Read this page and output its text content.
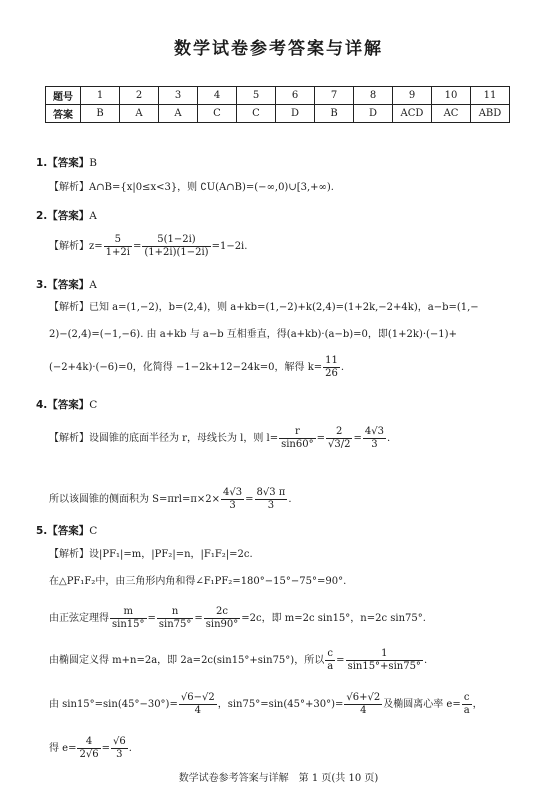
数学试卷参考答案与详解
题号	1	2	3	4	5	6	7	8	9	10	11
答案	B	A	A	C	C	D	B	D	ACD	AC	ABD
1.【答案】B
【解析】A∩B={x|0≤x<3}，则 ∁U(A∩B)=(−∞,0)∪[3,+∞).
2.【答案】A
【解析】$z= \frac{5}{1+2i} = \frac{5(1-2i)}{(1+2i)(1-2i)} =1-2i$.
3.【答案】A
【解析】已知 a=(1,−2)，b=(2,4)，则 a+kb=(1,−2)+k(2,4)=(1+2k,−2+4k)，a−b=(1,−
2)−(2,4)=(−1,−6). 由 a+kb 与 a−b 互相垂直，得(a+kb)·(a−b)=0，即(1+2k)·(−1)+
(−2+4k)·(−6)=0，化简得 −1−2k+12−24k=0，解得 $k= \frac{11}{26}$ .
4.【答案】C
【解析】设圆锥的底面半径为 r，母线长为 l，则 $l= \frac{r}{\sin 60^\circ} = \frac{2}{√3/2} = \frac{4√3}{3}$ .
所以该圆锥的侧面积为 $S=\pi rl=\pi\times 2\times \frac{4√3}{3} = \frac{8√3 \pi}{3}$ .
5.【答案】C
【解析】设|PF₁|=m，|PF₂|=n，|F₁F₂|=2c.
在△PF₁F₂中，由三角形内角和得∠F₁PF₂=180°−15°−75°=90°.
由正弦定理得 $\frac{m}{\sin 15^\circ} = \frac{n}{\sin 75^\circ} = \frac{2c}{\sin 90^\circ} =2c$，即 m=2c sin15°，n=2c sin75°.
由椭圆定义得 m+n=2a，即 2a=2c(sin15°+sin75°)，所以 $\frac{c}{a} = \frac{1}{\sin 15^\circ+\sin 75^\circ}$ .
由 $\sin 15^\circ=\sin(45^\circ-30^\circ)= \frac{√6-√2}{4}$ ，$\sin 75^\circ=\sin(45^\circ+30^\circ)= \frac{√6+√2}{4}$ 及椭圆离心率 $e= \frac{c}{a}$ ，
得 $e= \frac{4}{2√6} = \frac{√6}{3}$ .
数学试卷参考答案与详解　第 1 页(共 10 页)
